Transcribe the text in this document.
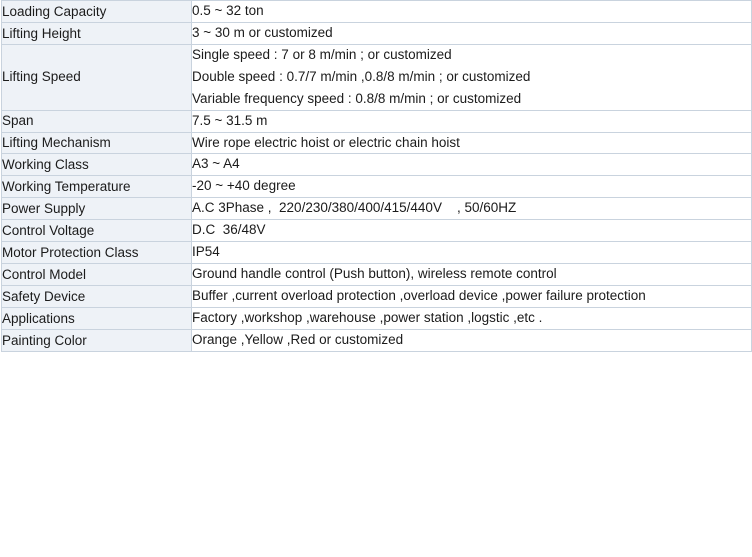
Loading Capacity	0.5 ~ 32 ton

Lifting Height	3 ~ 30 m or customized

Lifting Speed	Single speed : 7 or 8 m/min ; or customized
Double speed : 0.7/7 m/min ,0.8/8 m/min ; or customized
Variable frequency speed : 0.8/8 m/min ; or customized

Span	7.5 ~ 31.5 m

Lifting Mechanism	Wire rope electric hoist or electric chain hoist

Working Class	A3 ~ A4

Working Temperature	-20 ~ +40 degree

Power Supply	A.C 3Phase ,  220/230/380/400/415/440V    , 50/60HZ

Control Voltage	D.C  36/48V

Motor Protection Class	IP54

Control Model	Ground handle control (Push button), wireless remote control

Safety Device	Buffer ,current overload protection ,overload device ,power failure protection

Applications	Factory ,workshop ,warehouse ,power station ,logstic ,etc .

Painting Color	Orange ,Yellow ,Red or customized
